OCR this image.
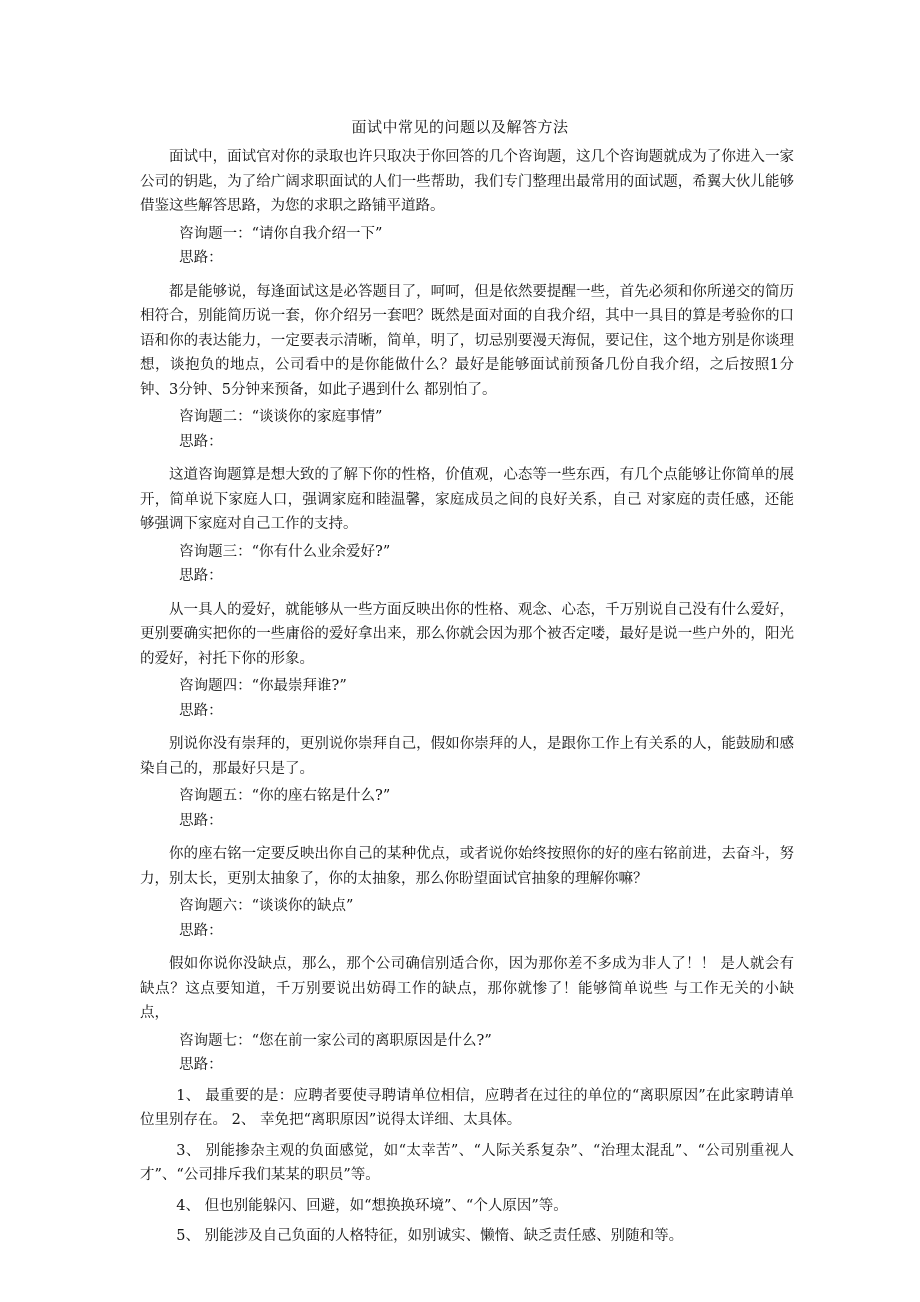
面试中常见的问题以及解答方法

面试中，面试官对你的录取也许只取决于你回答的几个咨询题，这几个咨询题就成为了你进入一家公司的钥匙，为了给广阔求职面试的人们一些帮助，我们专门整理出最常用的面试题，希翼大伙儿能够借鉴这些解答思路，为您的求职之路铺平道路。

咨询题一：“请你自我介绍一下”

思路：

都是能够说，每逢面试这是必答题目了，呵呵，但是依然要提醒一些，首先必须和你所递交的简历相符合，别能简历说一套，你介绍另一套吧？既然是面对面的自我介绍，其中一具目的算是考验你的口语和你的表达能力，一定要表示清晰，简单，明了，切忌别要漫天海侃，要记住，这个地方别是你谈理想，谈抱负的地点，公司看中的是你能做什么？最好是能够面试前预备几份自我介绍，之后按照1分钟、3分钟、5分钟来预备，如此子遇到什么 都别怕了。

咨询题二：“谈谈你的家庭事情”

思路：

这道咨询题算是想大致的了解下你的性格，价值观，心态等一些东西，有几个点能够让你简单的展开，简单说下家庭人口，强调家庭和睦温馨，家庭成员之间的良好关系，自己 对家庭的责任感，还能够强调下家庭对自己工作的支持。

咨询题三：“你有什么业余爱好?”

思路：

从一具人的爱好，就能够从一些方面反映出你的性格、观念、心态，千万别说自己没有什么爱好，更别要确实把你的一些庸俗的爱好拿出来，那么你就会因为那个被否定喽，最好是说一些户外的，阳光的爱好，衬托下你的形象。

咨询题四：“你最崇拜谁?”

思路：

别说你没有崇拜的，更别说你崇拜自己，假如你崇拜的人，是跟你工作上有关系的人，能鼓励和感染自己的，那最好只是了。

咨询题五：“你的座右铭是什么?”

思路：

你的座右铭一定要反映出你自己的某种优点，或者说你始终按照你的好的座右铭前进，去奋斗，努力，别太长，更别太抽象了，你的太抽象，那么你盼望面试官抽象的理解你嘛？

咨询题六：“谈谈你的缺点”

思路：

假如你说你没缺点，那么，那个公司确信别适合你，因为那你差不多成为非人了！！ 是人就会有缺点？这点要知道，千万别要说出妨碍工作的缺点，那你就惨了！能够简单说些 与工作无关的小缺点，

咨询题七：“您在前一家公司的离职原因是什么?”

思路：

1、 最重要的是：应聘者要使寻聘请单位相信，应聘者在过往的单位的“离职原因”在此家聘请单位里别存在。 2、 幸免把“离职原因”说得太详细、太具体。

3、 别能掺杂主观的负面感觉，如“太幸苦”、“人际关系复杂”、“治理太混乱”、“公司别重视人才”、“公司排斥我们某某的职员”等。

4、 但也别能躲闪、回避，如“想换换环境”、“个人原因”等。

5、 别能涉及自己负面的人格特征，如别诚实、懒惰、缺乏责任感、别随和等。
